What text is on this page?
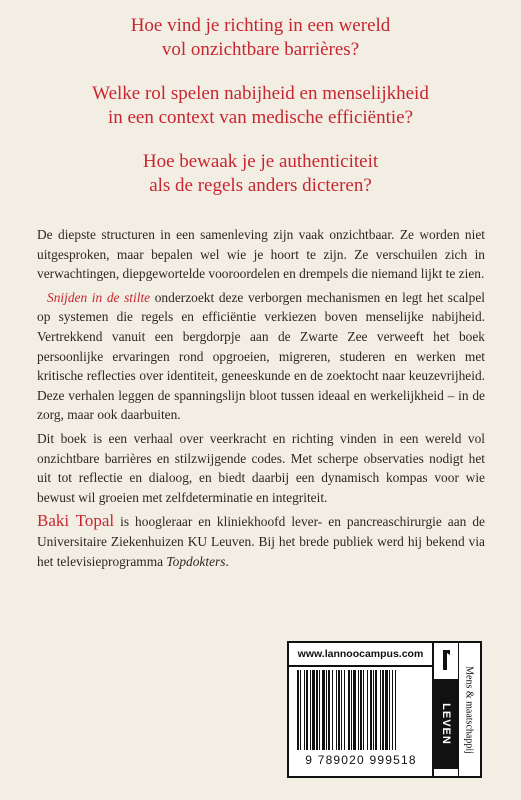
Hoe vind je richting in een wereld
vol onzichtbare barrières?

Welke rol spelen nabijheid en menselijkheid
in een context van medische efficiëntie?

Hoe bewaak je je authenticiteit
als de regels anders dicteren?

De diepste structuren in een samenleving zijn vaak onzichtbaar. Ze worden niet uitgesproken, maar bepalen wel wie je hoort te zijn. Ze verschuilen zich in verwachtingen, diepgewortelde vooroordelen en drempels die niemand lijkt te zien.

Snijden in de stilte onderzoekt deze verborgen mechanismen en legt het scalpel op systemen die regels en efficiëntie verkiezen boven menselijke nabijheid. Vertrekkend vanuit een bergdorpje aan de Zwarte Zee verweeft het boek persoonlijke ervaringen rond opgroeien, migreren, studeren en werken met kritische reflecties over identiteit, geneeskunde en de zoektocht naar keuzevrijheid. Deze verhalen leggen de spanningslijn bloot tussen ideaal en werkelijkheid – in de zorg, maar ook daarbuiten.

Dit boek is een verhaal over veerkracht en richting vinden in een wereld vol onzichtbare barrières en stilzwijgende codes. Met scherpe observaties nodigt het uit tot reflectie en dialoog, en biedt daarbij een dynamisch kompas voor wie bewust wil groeien met zelfdeterminatie en integriteit.

Baki Topal is hoogleraar en kliniekhoofd lever- en pancreaschirurgie aan de Universitaire Ziekenhuizen KU Leuven. Bij het brede publiek werd hij bekend via het televisieprogramma Topdokters.

www.lannoocampus.com
9 789020 999518
LEVEN Mens & maatschappij
